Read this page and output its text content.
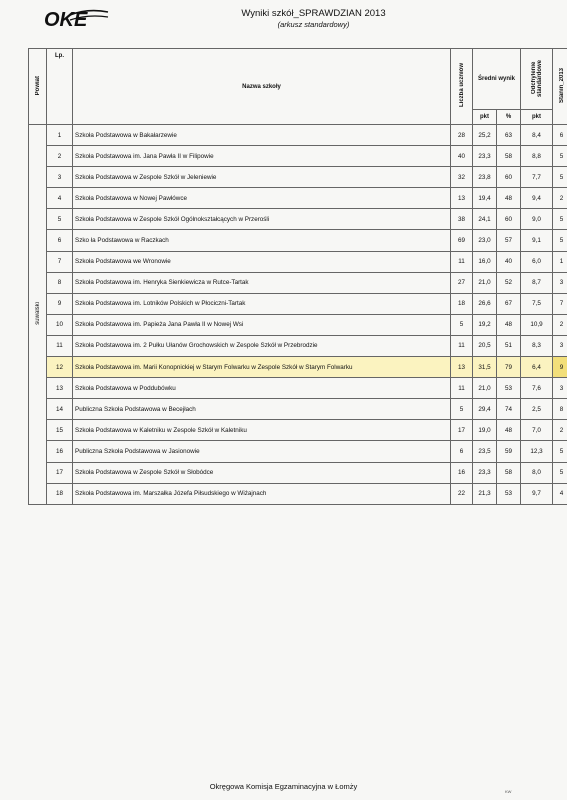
OKE	Wyniki szkół_SPRAWDZIAN 2013
(arkusz standardowy)
Powiat	Lp.	Nazwa szkoły	Liczba uczniów	Średni wynik		Odchylenie standardowe	Stanin_2013
				pkt	%	pkt	
suwalski	1	Szkoła Podstawowa w Bakałarzewie	28	25,2	63	8,4	6
	2	Szkoła Podstawowa im. Jana Pawła II w Filipowie	40	23,3	58	8,8	5
	3	Szkoła Podstawowa w Zespole Szkół w Jeleniewie	32	23,8	60	7,7	5
	4	Szkoła Podstawowa w Nowej Pawłówce	13	19,4	48	9,4	2
	5	Szkoła Podstawowa w Zespole Szkół Ogólnokształcących w Przerośli	38	24,1	60	9,0	5
	6	Szko ła Podstawowa w Raczkach	69	23,0	57	9,1	5
	7	Szkoła Podstawowa we Wronowie	11	16,0	40	6,0	1
	8	Szkoła Podstawowa im. Henryka Sienkiewicza w Rutce-Tartak	27	21,0	52	8,7	3
	9	Szkoła Podstawowa im. Lotników Polskich w Płociczni-Tartak	18	26,6	67	7,5	7
	10	Szkoła Podstawowa im. Papieża Jana Pawła II w Nowej Wsi	5	19,2	48	10,9	2
	11	Szkoła Podstawowa im. 2 Pułku Ułanów Grochowskich w Zespole Szkół w Przebrodzie	11	20,5	51	8,3	3
	12	Szkoła Podstawowa im. Marii Konopnickiej w Starym Folwarku w Zespole Szkół w Starym Folwarku	13	31,5	79	6,4	9
	13	Szkoła Podstawowa w Poddubówku	11	21,0	53	7,6	3
	14	Publiczna Szkoła Podstawowa w Becejłach	5	29,4	74	2,5	8
	15	Szkoła Podstawowa w Kaletniku w Zespole Szkół w Kaletniku	17	19,0	48	7,0	2
	16	Publiczna Szkoła Podstawowa w Jasionowie	6	23,5	59	12,3	5
	17	Szkoła Podstawowa w Zespole Szkół w Słobódce	16	23,3	58	8,0	5
	18	Szkoła Podstawowa im. Marszałka Józefa Piłsudskiego w Wiżajnach	22	21,3	53	9,7	4
Okręgowa Komisja Egzaminacyjna w Łomży
KW
